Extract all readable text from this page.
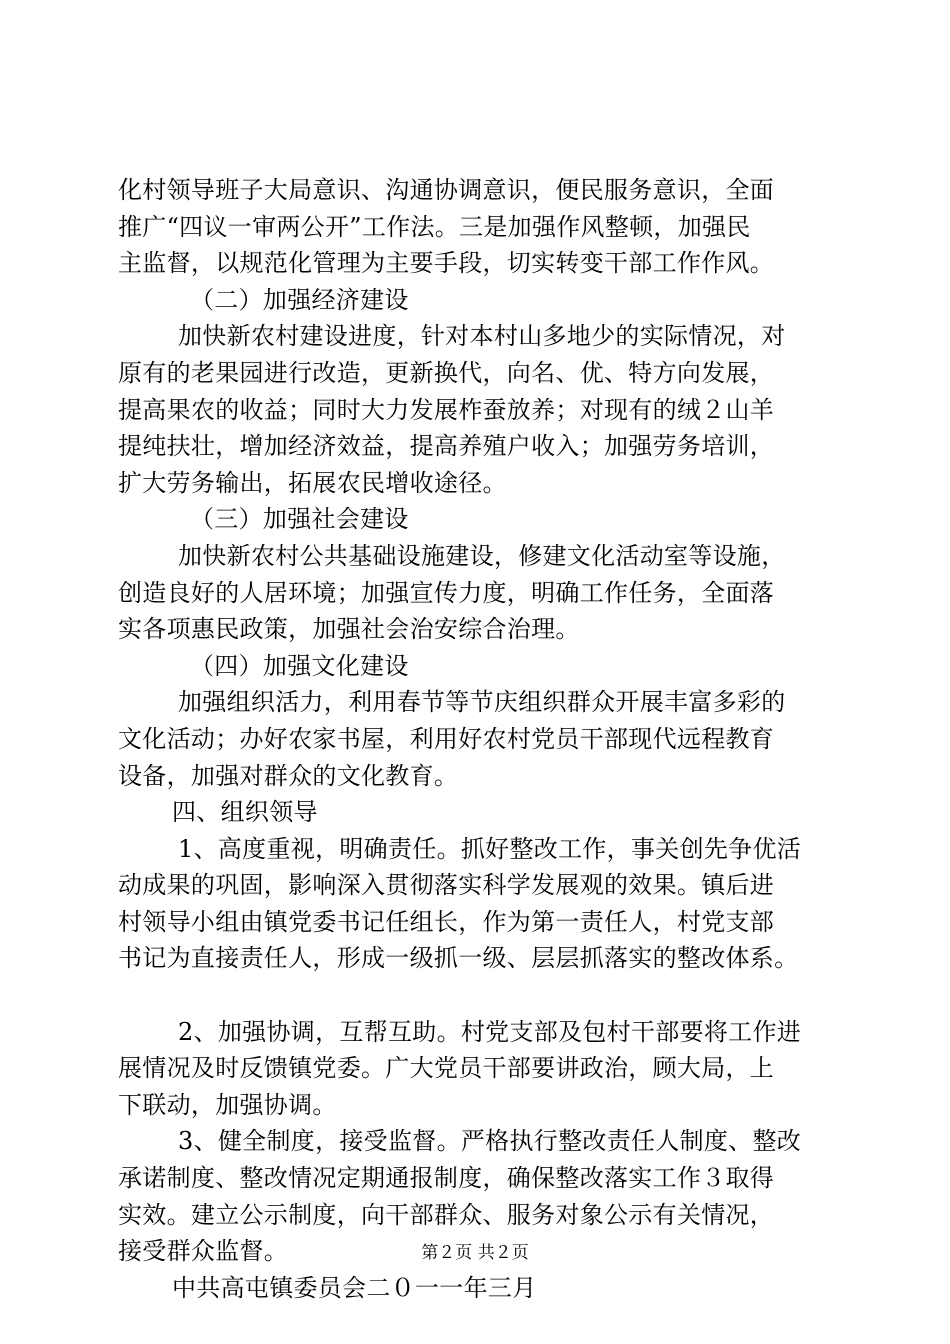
化村领导班子大局意识、沟通协调意识，便民服务意识，全面
推广“四议一审两公开”工作法。三是加强作风整顿，加强民
主监督，以规范化管理为主要手段，切实转变干部工作作风。
（二）加强经济建设
加快新农村建设进度，针对本村山多地少的实际情况，对
原有的老果园进行改造，更新换代，向名、优、特方向发展，
提高果农的收益；同时大力发展柞蚕放养；对现有的绒２山羊
提纯扶壮，增加经济效益，提高养殖户收入；加强劳务培训，
扩大劳务输出，拓展农民增收途径。
（三）加强社会建设
加快新农村公共基础设施建设，修建文化活动室等设施，
创造良好的人居环境；加强宣传力度，明确工作任务，全面落
实各项惠民政策，加强社会治安综合治理。
（四）加强文化建设
加强组织活力，利用春节等节庆组织群众开展丰富多彩的
文化活动；办好农家书屋，利用好农村党员干部现代远程教育
设备，加强对群众的文化教育。
四、组织领导
1、高度重视，明确责任。抓好整改工作，事关创先争优活
动成果的巩固，影响深入贯彻落实科学发展观的效果。镇后进
村领导小组由镇党委书记任组长，作为第一责任人，村党支部
书记为直接责任人，形成一级抓一级、层层抓落实的整改体系。
2、加强协调，互帮互助。村党支部及包村干部要将工作进
展情况及时反馈镇党委。广大党员干部要讲政治，顾大局，上
下联动，加强协调。
3、健全制度，接受监督。严格执行整改责任人制度、整改
承诺制度、整改情况定期通报制度，确保整改落实工作３取得
实效。建立公示制度，向干部群众、服务对象公示有关情况，
接受群众监督。
中共高屯镇委员会二０一一年三月
第２页 共２页
